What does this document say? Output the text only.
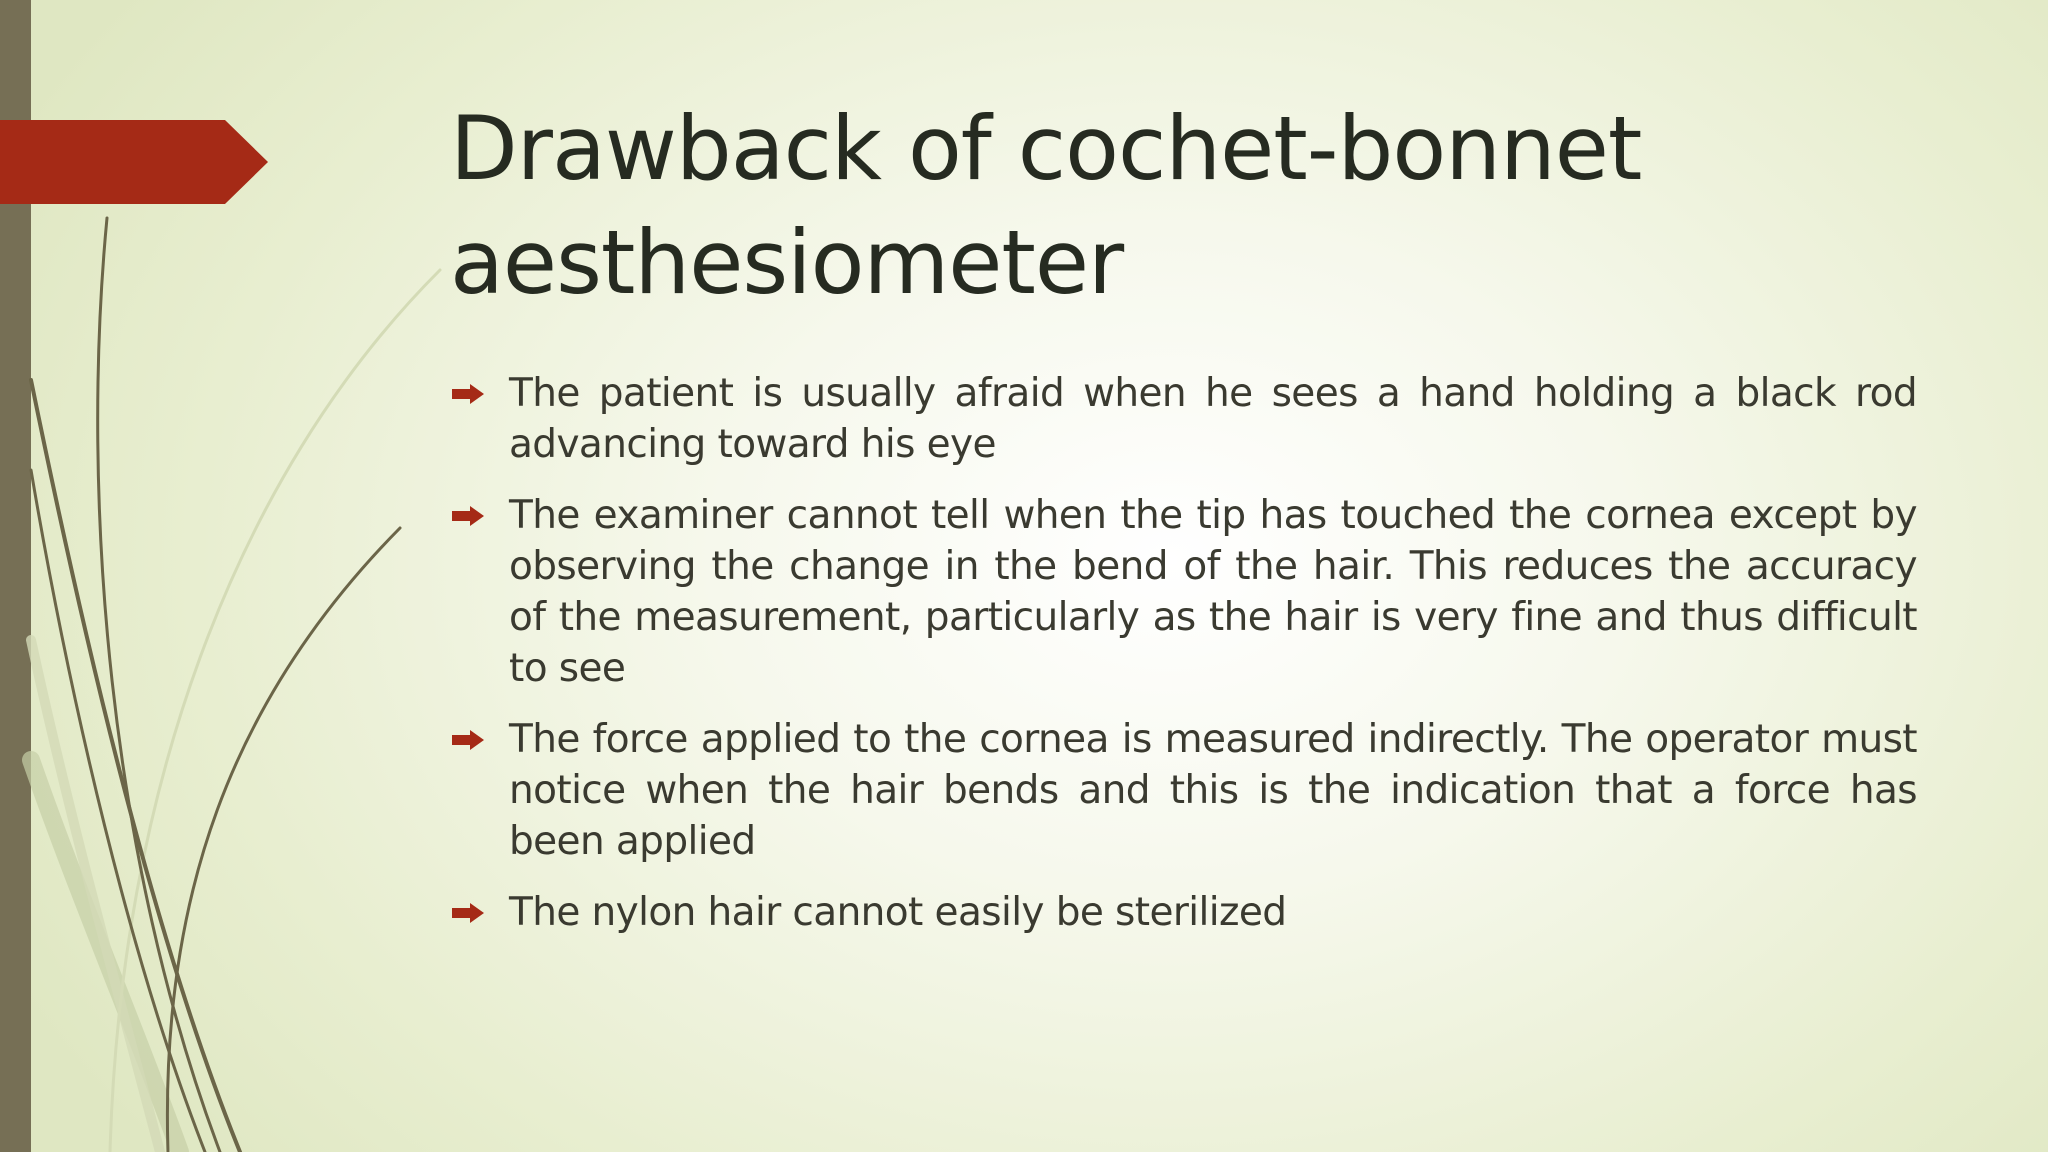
Drawback of cochet-bonnet aesthesiometer
The patient is usually afraid when he sees a hand holding a black rod advancing toward his eye
The examiner cannot tell when the tip has touched the cornea except by observing the change in the bend of the hair. This reduces the accuracy of the measurement, particularly as the hair is very fine and thus difficult to see
The force applied to the cornea is measured indirectly. The operator must notice when the hair bends and this is the indication that a force has been applied
The nylon hair cannot easily be sterilized
